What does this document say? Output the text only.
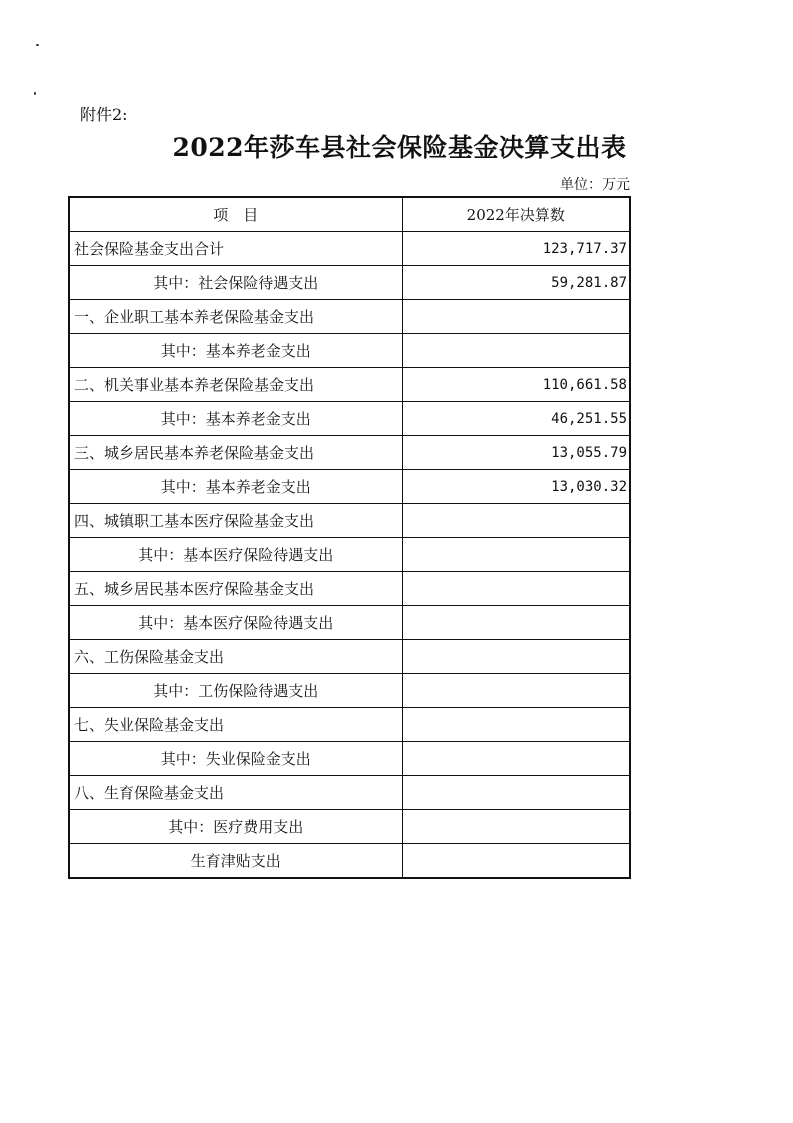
附件2:
2022年莎车县社会保险基金决算支出表
单位：万元
项　目	2022年决算数
社会保险基金支出合计	123,717.37
其中：社会保险待遇支出	59,281.87
一、企业职工基本养老保险基金支出	
其中：基本养老金支出	
二、机关事业基本养老保险基金支出	110,661.58
其中：基本养老金支出	46,251.55
三、城乡居民基本养老保险基金支出	13,055.79
其中：基本养老金支出	13,030.32
四、城镇职工基本医疗保险基金支出	
其中：基本医疗保险待遇支出	
五、城乡居民基本医疗保险基金支出	
其中：基本医疗保险待遇支出	
六、工伤保险基金支出	
其中：工伤保险待遇支出	
七、失业保险基金支出	
其中：失业保险金支出	
八、生育保险基金支出	
其中：医疗费用支出	
生育津贴支出	
